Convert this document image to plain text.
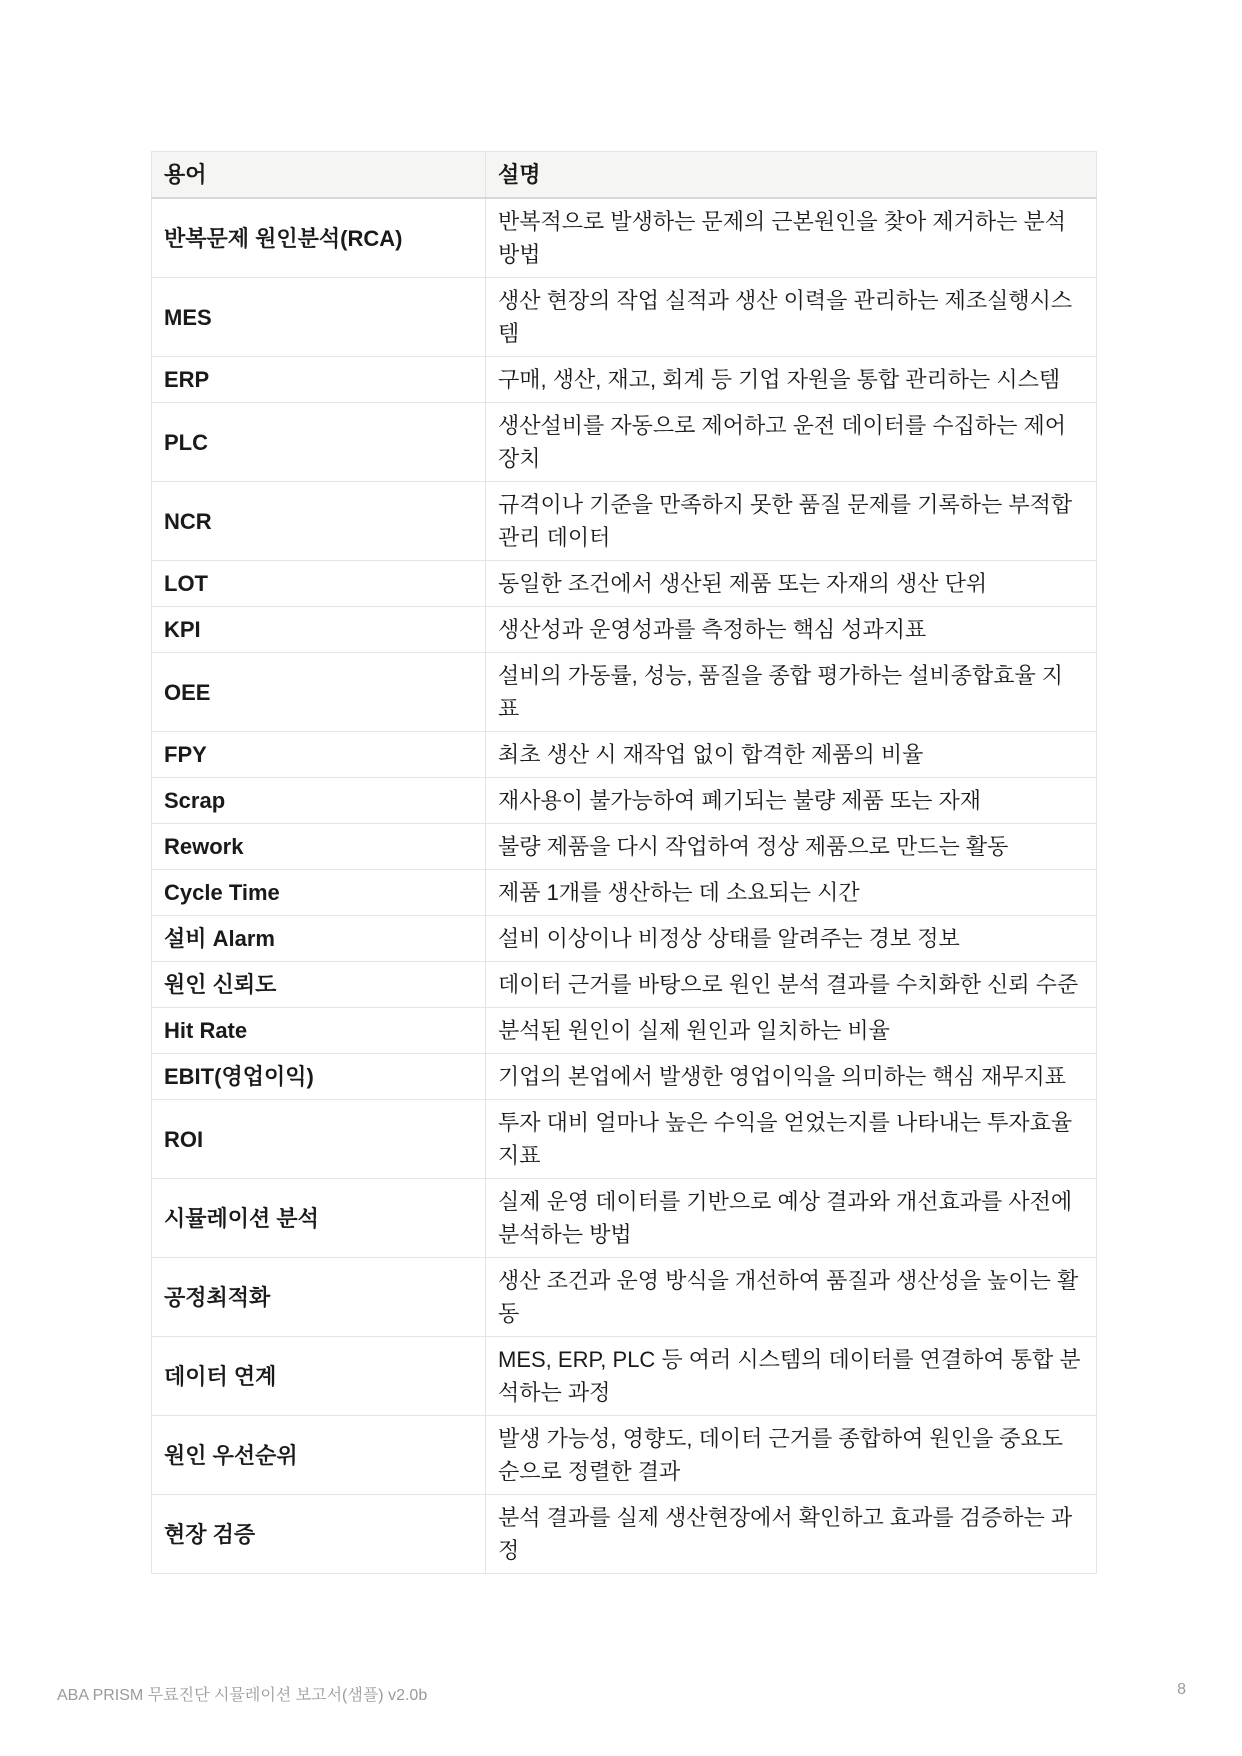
용어	설명
반복문제 원인분석(RCA)	반복적으로 발생하는 문제의 근본원인을 찾아 제거하는 분석 방법
MES	생산 현장의 작업 실적과 생산 이력을 관리하는 제조실행시스템
ERP	구매, 생산, 재고, 회계 등 기업 자원을 통합 관리하는 시스템
PLC	생산설비를 자동으로 제어하고 운전 데이터를 수집하는 제어장치
NCR	규격이나 기준을 만족하지 못한 품질 문제를 기록하는 부적합 관리 데이터
LOT	동일한 조건에서 생산된 제품 또는 자재의 생산 단위
KPI	생산성과 운영성과를 측정하는 핵심 성과지표
OEE	설비의 가동률, 성능, 품질을 종합 평가하는 설비종합효율 지표
FPY	최초 생산 시 재작업 없이 합격한 제품의 비율
Scrap	재사용이 불가능하여 폐기되는 불량 제품 또는 자재
Rework	불량 제품을 다시 작업하여 정상 제품으로 만드는 활동
Cycle Time	제품 1개를 생산하는 데 소요되는 시간
설비 Alarm	설비 이상이나 비정상 상태를 알려주는 경보 정보
원인 신뢰도	데이터 근거를 바탕으로 원인 분석 결과를 수치화한 신뢰 수준
Hit Rate	분석된 원인이 실제 원인과 일치하는 비율
EBIT(영업이익)	기업의 본업에서 발생한 영업이익을 의미하는 핵심 재무지표
ROI	투자 대비 얼마나 높은 수익을 얻었는지를 나타내는 투자효율 지표
시뮬레이션 분석	실제 운영 데이터를 기반으로 예상 결과와 개선효과를 사전에 분석하는 방법
공정최적화	생산 조건과 운영 방식을 개선하여 품질과 생산성을 높이는 활동
데이터 연계	MES, ERP, PLC 등 여러 시스템의 데이터를 연결하여 통합 분석하는 과정
원인 우선순위	발생 가능성, 영향도, 데이터 근거를 종합하여 원인을 중요도 순으로 정렬한 결과
현장 검증	분석 결과를 실제 생산현장에서 확인하고 효과를 검증하는 과정
ABA PRISM 무료진단 시뮬레이션 보고서(샘플) v2.0b	8
